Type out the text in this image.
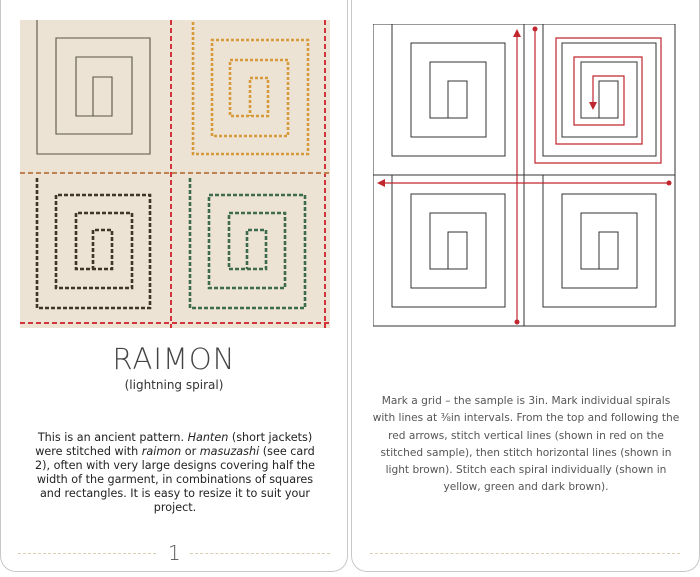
RAIMON
(lightning spiral)
This is an ancient pattern. Hanten (short jackets) were stitched with raimon or masuzashi (see card 2), often with very large designs covering half the width of the garment, in combinations of squares and rectangles. It is easy to resize it to suit your project.
Mark a grid – the sample is 3in. Mark individual spirals with lines at ⅜in intervals. From the top and following the red arrows, stitch vertical lines (shown in red on the stitched sample), then stitch horizontal lines (shown in light brown). Stitch each spiral individually (shown in yellow, green and dark brown).
1
